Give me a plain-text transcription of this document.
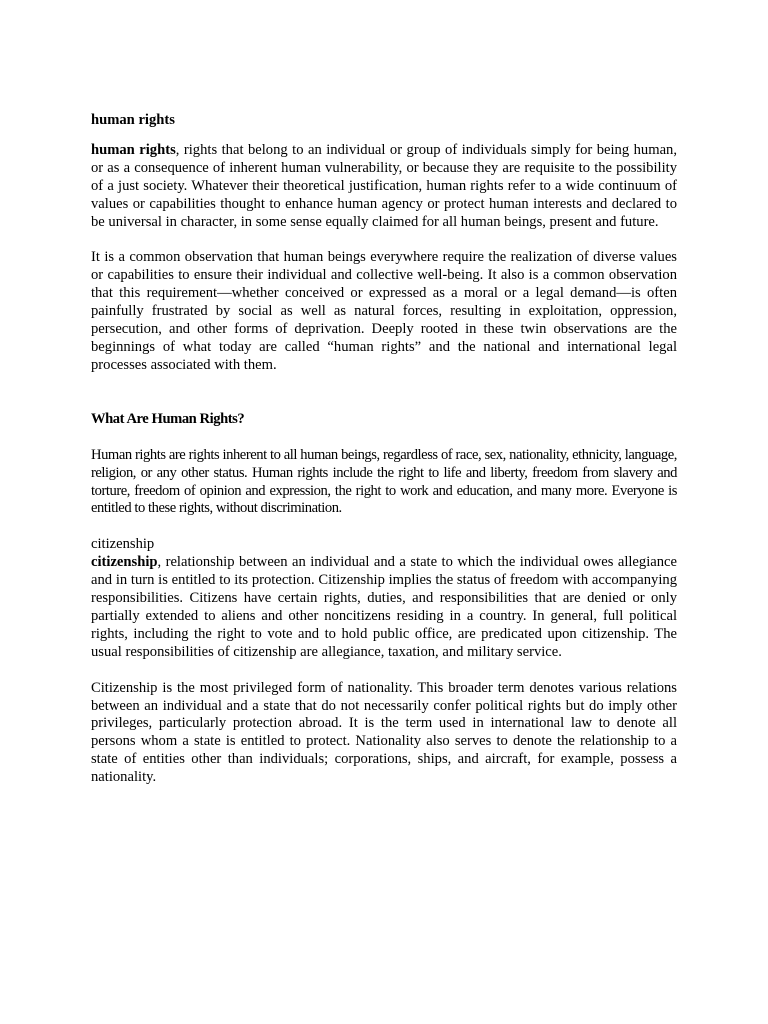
human rights

human rights, rights that belong to an individual or group of individuals simply for being human, or as a consequence of inherent human vulnerability, or because they are requisite to the possibility of a just society. Whatever their theoretical justification, human rights refer to a wide continuum of values or capabilities thought to enhance human agency or protect human interests and declared to be universal in character, in some sense equally claimed for all human beings, present and future.

It is a common observation that human beings everywhere require the realization of diverse values or capabilities to ensure their individual and collective well-being. It also is a common observation that this requirement—whether conceived or expressed as a moral or a legal demand—is often painfully frustrated by social as well as natural forces, resulting in exploitation, oppression, persecution, and other forms of deprivation. Deeply rooted in these twin observations are the beginnings of what today are called “human rights” and the national and international legal processes associated with them.

What Are Human Rights?

Human rights are rights inherent to all human beings, regardless of race, sex, nationality, ethnicity, language, religion, or any other status. Human rights include the right to life and liberty, freedom from slavery and torture, freedom of opinion and expression, the right to work and education, and many more. Everyone is entitled to these rights, without discrimination.

citizenship

citizenship, relationship between an individual and a state to which the individual owes allegiance and in turn is entitled to its protection. Citizenship implies the status of freedom with accompanying responsibilities. Citizens have certain rights, duties, and responsibilities that are denied or only partially extended to aliens and other noncitizens residing in a country. In general, full political rights, including the right to vote and to hold public office, are predicated upon citizenship. The usual responsibilities of citizenship are allegiance, taxation, and military service.

Citizenship is the most privileged form of nationality. This broader term denotes various relations between an individual and a state that do not necessarily confer political rights but do imply other privileges, particularly protection abroad. It is the term used in international law to denote all persons whom a state is entitled to protect. Nationality also serves to denote the relationship to a state of entities other than individuals; corporations, ships, and aircraft, for example, possess a nationality.
